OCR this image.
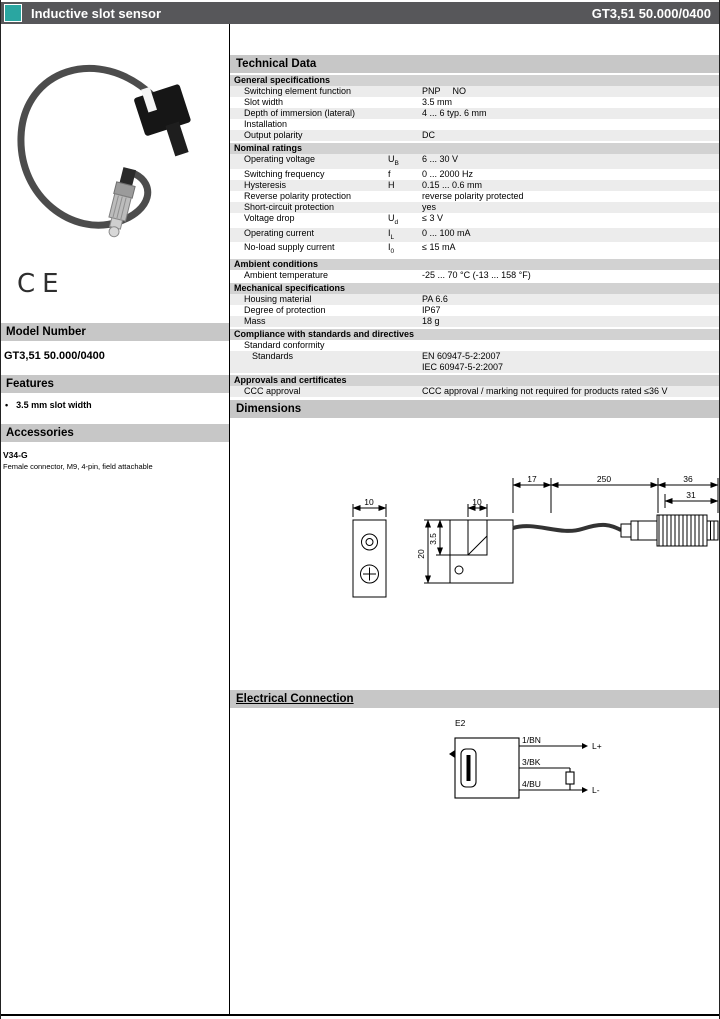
Inductive slot sensor	GT3,51 50.000/0400
CE
Model Number
GT3,51 50.000/0400
Features
• 3.5 mm slot width
Accessories
V34-G
Female connector, M9, 4-pin, field attachable
Technical Data
General specifications
Switching element function	PNP NO
Slot width	3.5 mm
Depth of immersion (lateral)	4 ... 6 typ. 6 mm
Installation
Output polarity	DC
Nominal ratings
Operating voltage	$U_B$	6 ... 30 V
Switching frequency	f	0 ... 2000 Hz
Hysteresis	H	0.15 ... 0.6 mm
Reverse polarity protection	reverse polarity protected
Short-circuit protection	yes
Voltage drop	$U_d$	≤ 3 V
Operating current	$I_L$	0 ... 100 mA
No-load supply current	$I_0$	≤ 15 mA
Ambient conditions
Ambient temperature	-25 ... 70 °C (-13 ... 158 °F)
Mechanical specifications
Housing material	PA 6.6
Degree of protection	IP67
Mass	18 g
Compliance with standards and directives
Standard conformity
Standards	EN 60947-5-2:2007
IEC 60947-5-2:2007
Approvals and certificates
CCC approval	CCC approval / marking not required for products rated ≤36 V
Dimensions
10	10
17	250	36
31
20
3.5
Electrical Connection
E2
1/BN
3/BK
4/BU
L+
L-
